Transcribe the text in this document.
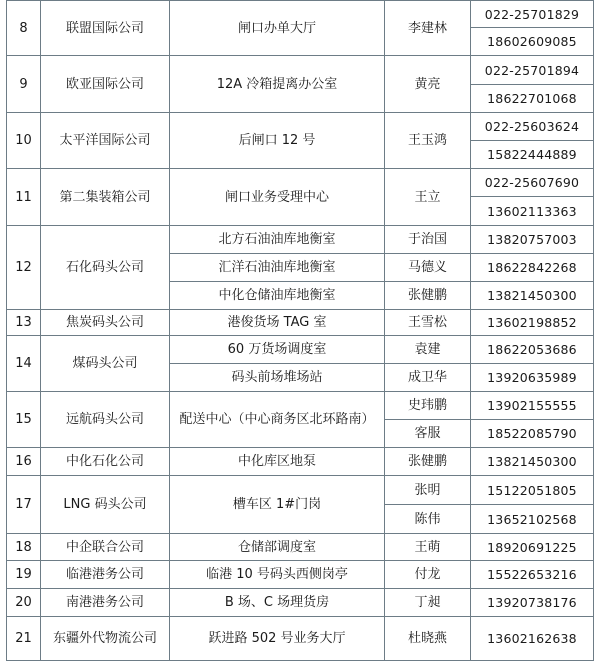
8	联盟国际公司	闸口办单大厅	李建林	022-25701829
				18602609085
9	欧亚国际公司	12A 冷箱提离办公室	黄亮	022-25701894
				18622701068
10	太平洋国际公司	后闸口 12 号	王玉鸿	022-25603624
				15822444889
11	第二集装箱公司	闸口业务受理中心	王立	022-25607690
				13602113363
12	石化码头公司	北方石油油库地衡室	于治国	13820757003
		汇洋石油油库地衡室	马德义	18622842268
		中化仓储油库地衡室	张健鹏	13821450300
13	焦炭码头公司	港俊货场 TAG 室	王雪松	13602198852
14	煤码头公司	60 万货场调度室	袁建	18622053686
		码头前场堆场站	成卫华	13920635989
15	远航码头公司	配送中心（中心商务区北环路南）	史玮鹏	13902155555
			客服	18522085790
16	中化石化公司	中化库区地泵	张健鹏	13821450300
17	LNG 码头公司	槽车区 1#门岗	张明	15122051805
			陈伟	13652102568
18	中企联合公司	仓储部调度室	王萌	18920691225
19	临港港务公司	临港 10 号码头西侧岗亭	付龙	15522653216
20	南港港务公司	B 场、C 场理货房	丁昶	13920738176
21	东疆外代物流公司	跃进路 502 号业务大厅	杜晓燕	13602162638
